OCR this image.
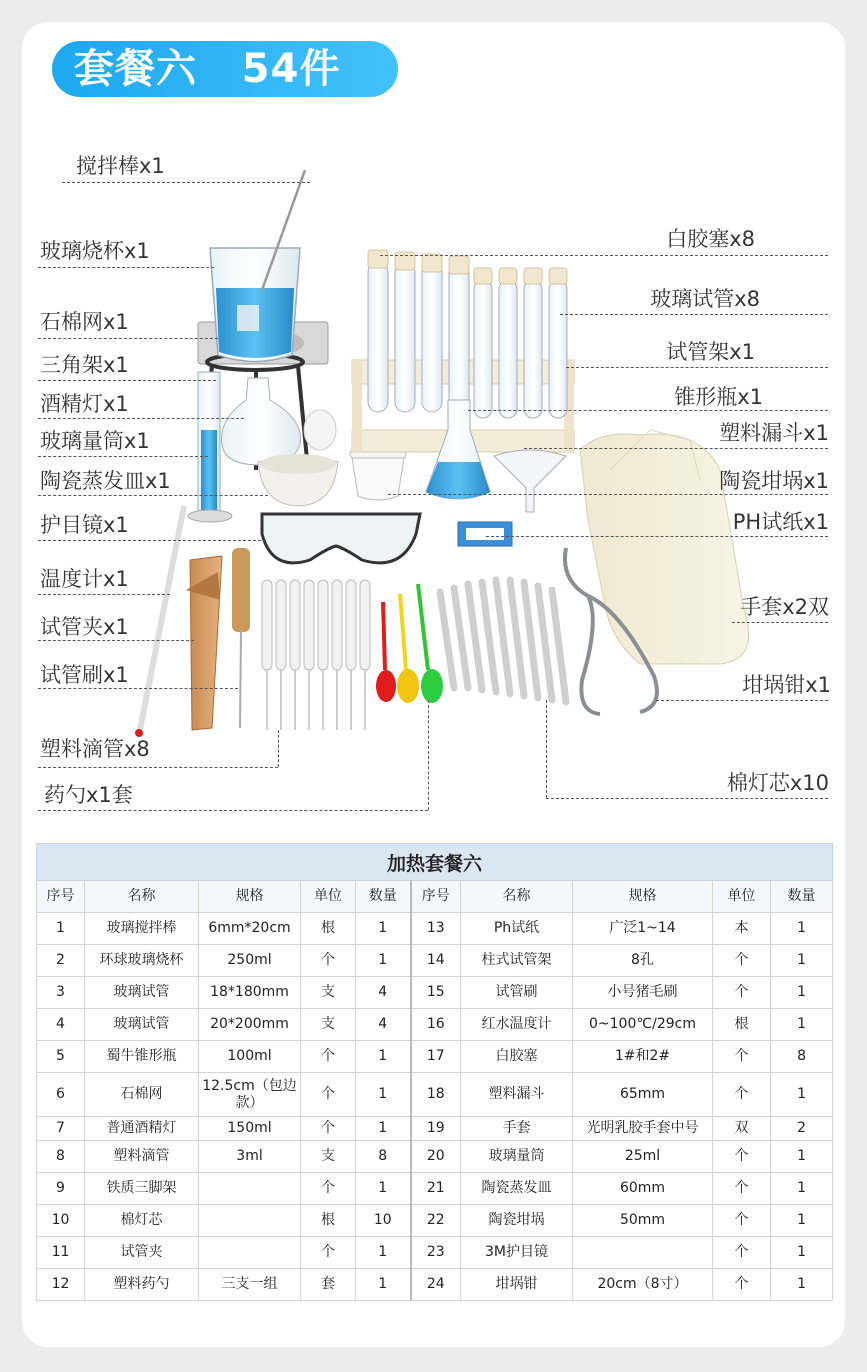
套餐六   54件
搅拌棒x1
玻璃烧杯x1
石棉网x1
三角架x1
酒精灯x1
玻璃量筒x1
陶瓷蒸发皿x1
护目镜x1
温度计x1
试管夹x1
试管刷x1
塑料滴管x8
药勺x1套
白胶塞x8
玻璃试管x8
试管架x1
锥形瓶x1
塑料漏斗x1
陶瓷坩埚x1
PH试纸x1
手套x2双
坩埚钳x1
棉灯芯x10
加热套餐六									
序号	名称	规格	单位	数量	序号	名称	规格	单位	数量
1	玻璃搅拌棒	6mm*20cm	根	1	13	Ph试纸	广泛1~14	本	1
2	环球玻璃烧杯	250ml	个	1	14	柱式试管架	8孔	个	1
3	玻璃试管	18*180mm	支	4	15	试管刷	小号猪毛刷	个	1
4	玻璃试管	20*200mm	支	4	16	红水温度计	0~100℃/29cm	根	1
5	蜀牛锥形瓶	100ml	个	1	17	白胶塞	1#和2#	个	8
6	石棉网	12.5cm（包边款）	个	1	18	塑料漏斗	65mm	个	1
7	普通酒精灯	150ml	个	1	19	手套	光明乳胶手套中号	双	2
8	塑料滴管	3ml	支	8	20	玻璃量筒	25ml	个	1
9	铁质三脚架		个	1	21	陶瓷蒸发皿	60mm	个	1
10	棉灯芯		根	10	22	陶瓷坩埚	50mm	个	1
11	试管夹		个	1	23	3M护目镜		个	1
12	塑料药勺	三支一组	套	1	24	坩埚钳	20cm（8寸）	个	1
